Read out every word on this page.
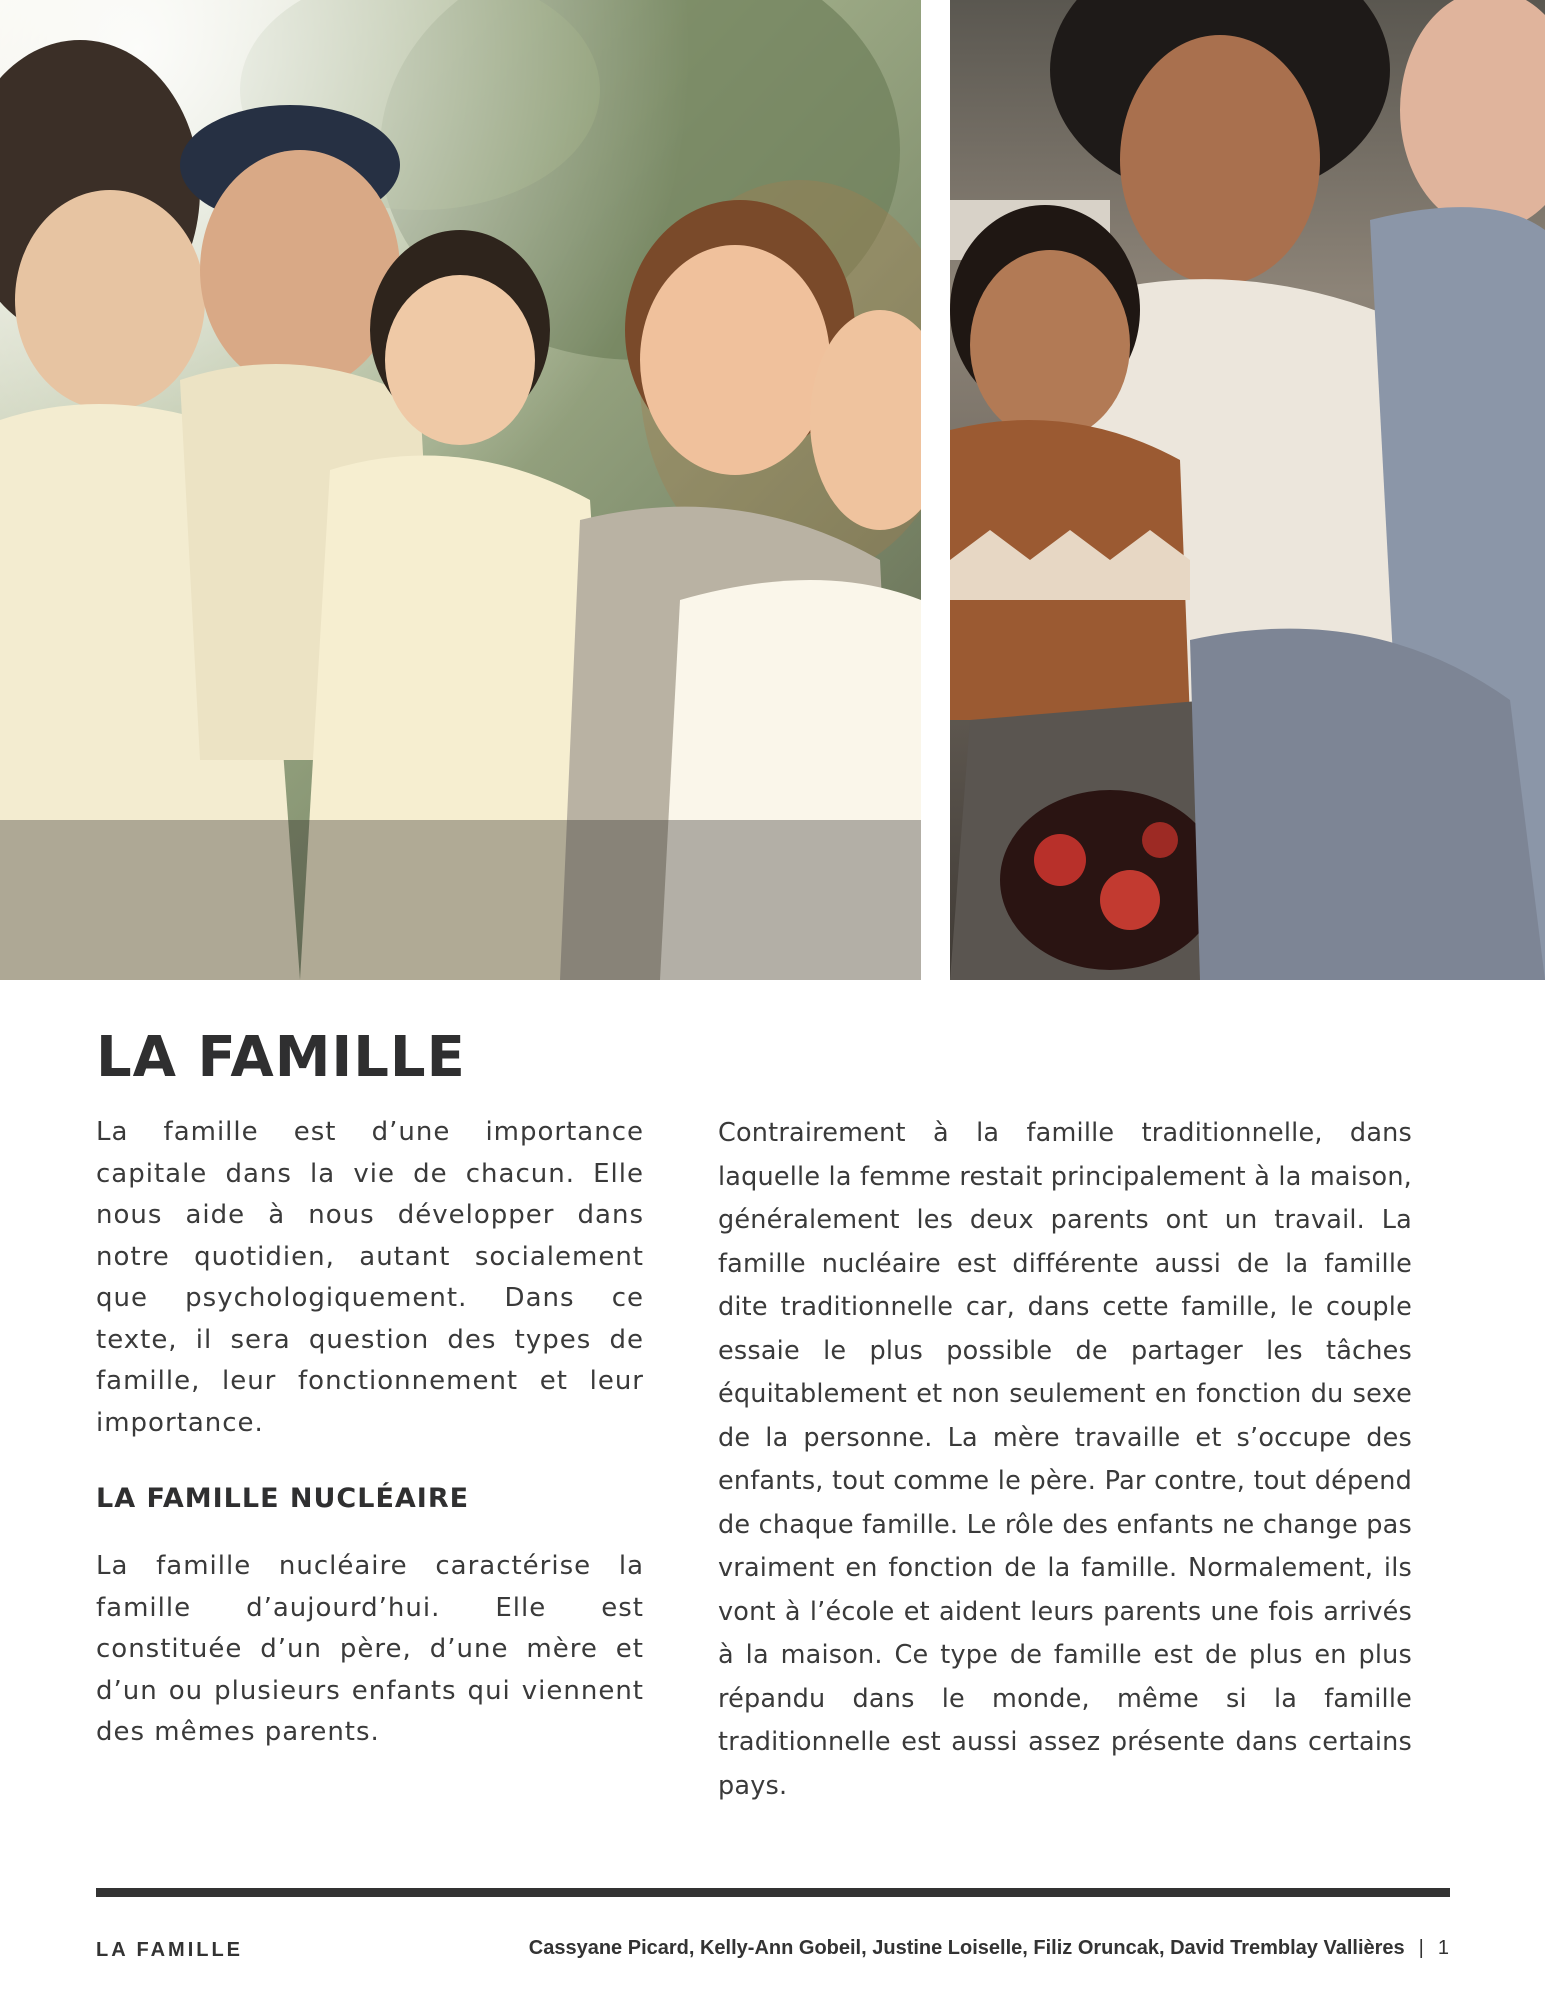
LA FAMILLE

La famille est d’une importance capitale dans la vie de chacun. Elle nous aide à nous développer dans notre quotidien, autant socialement que psychologiquement. Dans ce texte, il sera question des types de famille, leur fonctionnement et leur importance.

LA FAMILLE NUCLÉAIRE

La famille nucléaire caractérise la famille d’aujourd’hui. Elle est constituée d’un père, d’une mère et d’un ou plusieurs enfants qui viennent des mêmes parents.

Contrairement à la famille traditionnelle, dans laquelle la femme restait principalement à la maison, généralement les deux parents ont un travail. La famille nucléaire est différente aussi de la famille dite traditionnelle car, dans cette famille, le couple essaie le plus possible de partager les tâches équitablement et non seulement en fonction du sexe de la personne. La mère travaille et s’occupe des enfants, tout comme le père. Par contre, tout dépend de chaque famille. Le rôle des enfants ne change pas vraiment en fonction de la famille. Normalement, ils vont à l’école et aident leurs parents une fois arrivés à la maison. Ce type de famille est de plus en plus répandu dans le monde, même si la famille traditionnelle est aussi assez présente dans certains pays.

LA FAMILLE	Cassyane Picard, Kelly-Ann Gobeil, Justine Loiselle, Filiz Oruncak, David Tremblay Vallières | 1
